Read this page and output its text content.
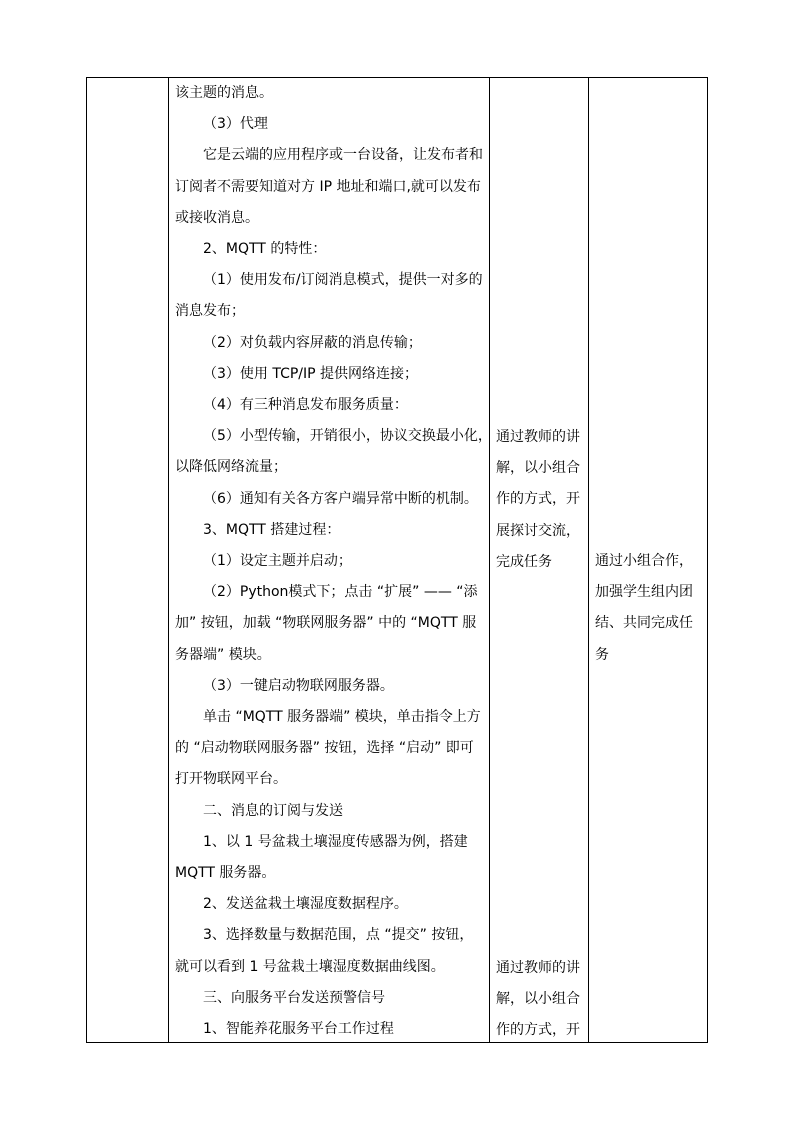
该主题的消息。
（3）代理
它是云端的应用程序或一台设备，让发布者和
订阅者不需要知道对方 IP 地址和端口,就可以发布
或接收消息。
2、MQTT 的特性：
（1）使用发布/订阅消息模式，提供一对多的
消息发布；
（2）对负载内容屏蔽的消息传输；
（3）使用 TCP/IP 提供网络连接；
（4）有三种消息发布服务质量：
（5）小型传输，开销很小，协议交换最小化，
以降低网络流量；
（6）通知有关各方客户端异常中断的机制。
3、MQTT 搭建过程：
（1）设定主题并启动；
（2）Python模式下；点击 “扩展” —— “添
加” 按钮，加载 “物联网服务器” 中的 “MQTT 服
务器端” 模块。
（3）一键启动物联网服务器。
单击 “MQTT 服务器端” 模块，单击指令上方
的 “启动物联网服务器” 按钮，选择 “启动” 即可
打开物联网平台。
二、消息的订阅与发送
1、以 1 号盆栽土壤湿度传感器为例，搭建
MQTT 服务器。
2、发送盆栽土壤湿度数据程序。
3、选择数量与数据范围，点 “提交” 按钮，
就可以看到 1 号盆栽土壤湿度数据曲线图。
三、向服务平台发送预警信号
1、智能养花服务平台工作过程
通过教师的讲
解，以小组合
作的方式，开
展探讨交流，
完成任务
通过教师的讲
解，以小组合
作的方式，开
通过小组合作，
加强学生组内团
结、共同完成任
务
